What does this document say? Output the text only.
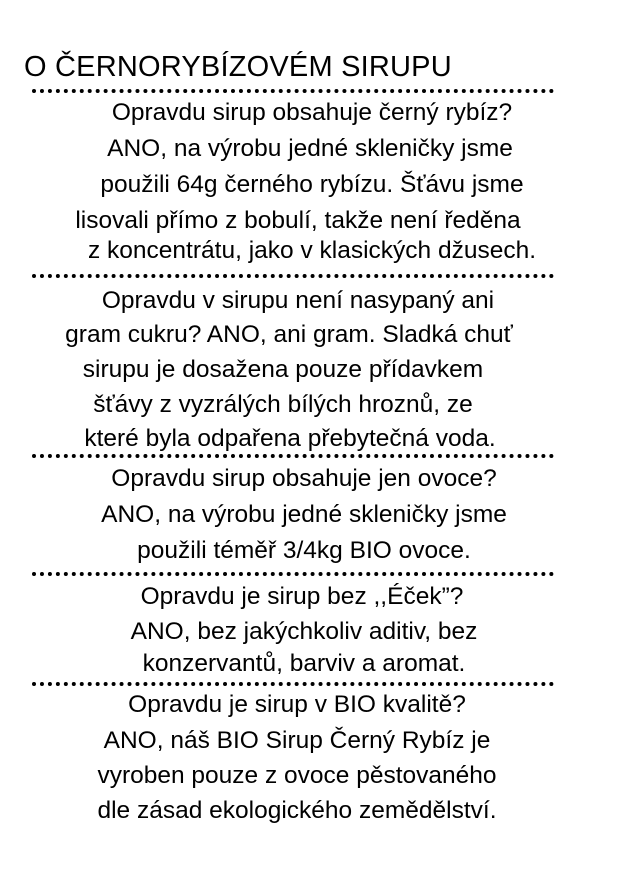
O ČERNORYBÍZOVÉM SIRUPU
Opravdu sirup obsahuje černý rybíz?
ANO, na výrobu jedné skleničky jsme
použili 64g černého rybízu. Šťávu jsme
lisovali přímo z bobulí, takže není ředěna
z koncentrátu, jako v klasických džusech.
Opravdu v sirupu není nasypaný ani
gram cukru? ANO, ani gram. Sladká chuť
sirupu je dosažena pouze přídavkem
šťávy z vyzrálých bílých hroznů, ze
které byla odpařena přebytečná voda.
Opravdu sirup obsahuje jen ovoce?
ANO, na výrobu jedné skleničky jsme
použili téměř 3/4kg BIO ovoce.
Opravdu je sirup bez ,,Éček”?
ANO, bez jakýchkoliv aditiv, bez
konzervantů, barviv a aromat.
Opravdu je sirup v BIO kvalitě?
ANO, náš BIO Sirup Černý Rybíz je
vyroben pouze z ovoce pěstovaného
dle zásad ekologického zemědělství.
